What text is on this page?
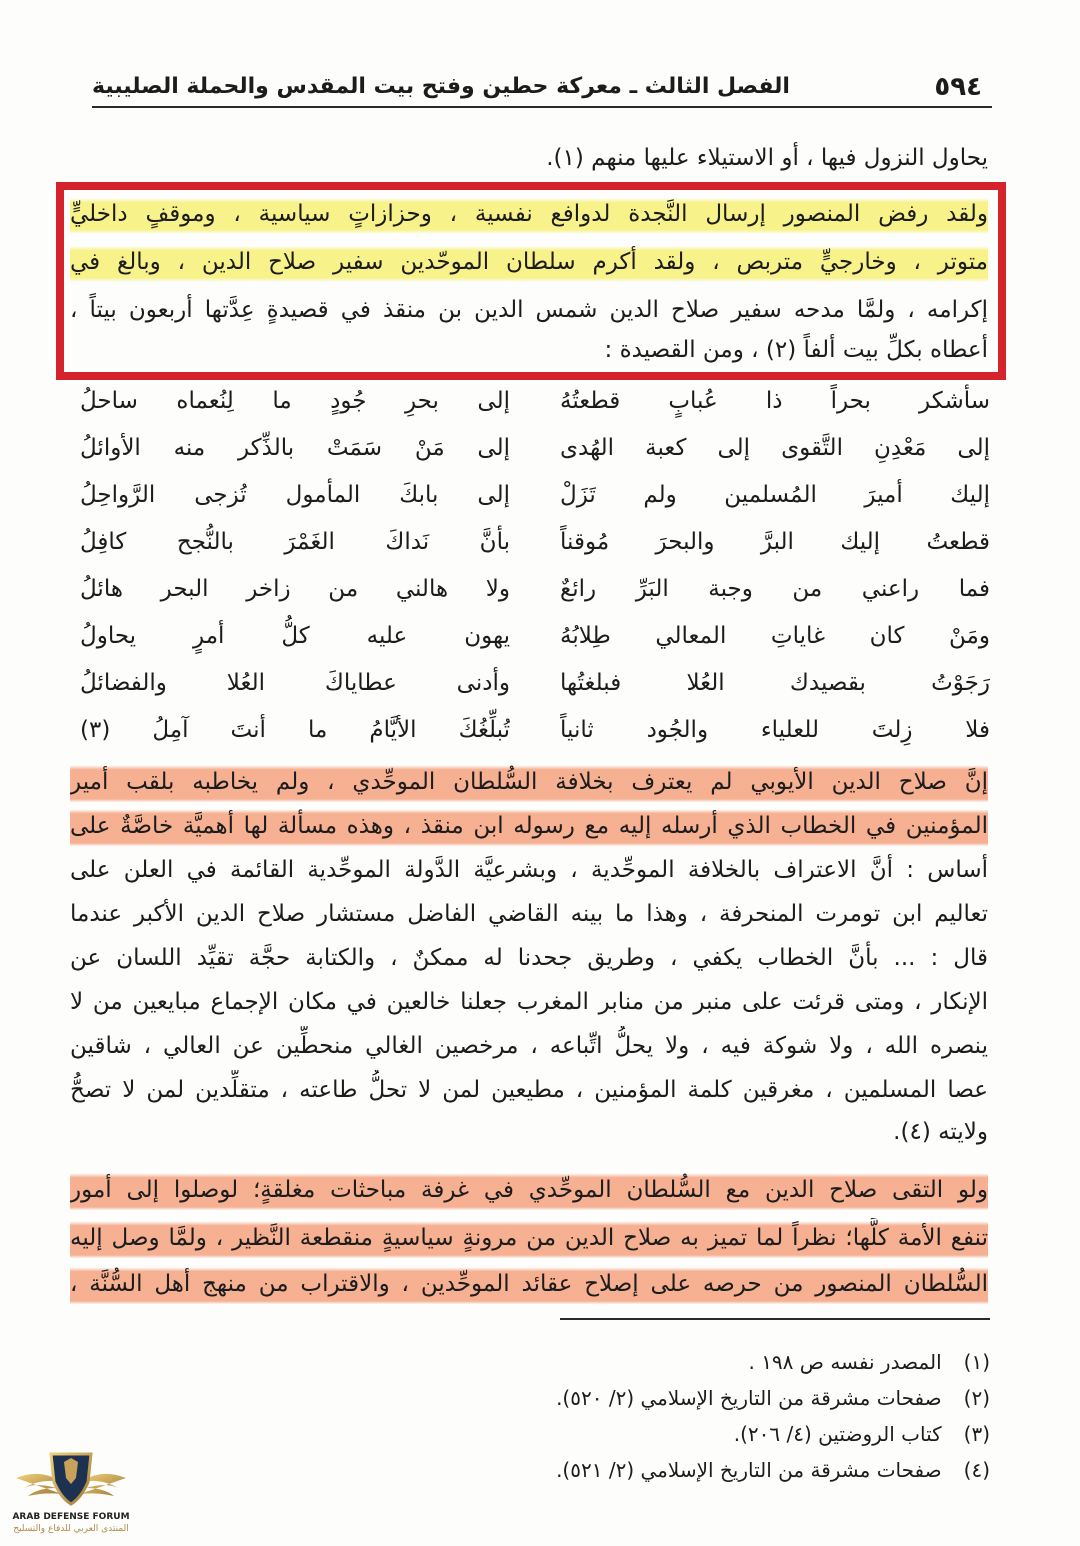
٥٩٤
الفصل الثالث ـ معركة حطين وفتح بيت المقدس والحملة الصليبية
يحاول النزول فيها ، أو الاستيلاء عليها منهم (١).
ولقد رفض المنصور إرسال النَّجدة لدوافع نفسية ، وحزازاتٍ سياسية ، وموقفٍ داخليٍّ
متوتر ، وخارجيٍّ متربص ، ولقد أكرم سلطان الموحّدين سفير صلاح الدين ، وبالغ في
إكرامه ، ولمَّا مدحه سفير صلاح الدين شمس الدين بن منقذ في قصيدةٍ عِدَّتها أربعون بيتاً ،
أعطاه بكلِّ بيت ألفاً (٢) ، ومن القصيدة :
سأشكر بحراً ذا عُبابٍ قطعتُهُ
إلى مَعْدِنِ التَّقوى إلى كعبة الهُدى
إليك أميرَ المُسلمين ولم تَزَلْ
قطعتُ إليك البرَّ والبحرَ مُوقناً
فما راعني من وجبة البَرِّ رائعٌ
ومَنْ كان غاياتِ المعالي طِلابُهُ
رَجَوْتُ بقصيدك العُلا فبلغتُها
فلا زِلتَ للعلياء والجُود ثانياً
إلى بحرِ جُودٍ ما لِنُعماه ساحلُ
إلى مَنْ سَمَتْ بالذِّكر منه الأوائلُ
إلى بابكَ المأمول تُزجى الرَّواحِلُ
بأنَّ نَداكَ الغَمْرَ بالنُّجح كافِلُ
ولا هالني من زاخر البحر هائلُ
يهون عليه كلُّ أمرٍ يحاولُ
وأدنى عطاياكَ العُلا والفضائلُ
تُبلِّغُكَ الأيَّامُ ما أنتَ آمِلُ (٣)
إنَّ صلاح الدين الأيوبي لم يعترف بخلافة السُّلطان الموحِّدي ، ولم يخاطبه بلقب أمير
المؤمنين في الخطاب الذي أرسله إليه مع رسوله ابن منقذ ، وهذه مسألة لها أهميَّة خاصَّةٌ على
أساس : أنَّ الاعتراف بالخلافة الموحِّدية ، وبشرعيَّة الدَّولة الموحِّدية القائمة في العلن على
تعاليم ابن تومرت المنحرفة ، وهذا ما بينه القاضي الفاضل مستشار صلاح الدين الأكبر عندما
قال : ... بأنَّ الخطاب يكفي ، وطريق جحدنا له ممكنٌ ، والكتابة حجَّة تقيِّد اللسان عن
الإنكار ، ومتى قرئت على منبر من منابر المغرب جعلنا خالعين في مكان الإجماع مبايعين من لا
ينصره الله ، ولا شوكة فيه ، ولا يحلُّ اتِّباعه ، مرخصين الغالي منحطِّين عن العالي ، شاقين
عصا المسلمين ، مغرقين كلمة المؤمنين ، مطيعين لمن لا تحلُّ طاعته ، متقلِّدين لمن لا تصحُّ
ولايته (٤).
ولو التقى صلاح الدين مع السُّلطان الموحِّدي في غرفة مباحثات مغلقةٍ؛ لوصلوا إلى أمور
تنفع الأمة كلَّها؛ نظراً لما تميز به صلاح الدين من مرونةٍ سياسيةٍ منقطعة النَّظير ، ولمَّا وصل إليه
السُّلطان المنصور من حرصه على إصلاح عقائد الموحِّدين ، والاقتراب من منهج أهل السُّنَّة ،
(١) المصدر نفسه ص ١٩٨ .
(٢) صفحات مشرقة من التاريخ الإسلامي (٢/ ٥٢٠).
(٣) كتاب الروضتين (٤/ ٢٠٦).
(٤) صفحات مشرقة من التاريخ الإسلامي (٢/ ٥٢١).
ARAB DEFENSE FORUM
المنتدى العربي للدفاع والتسليح
